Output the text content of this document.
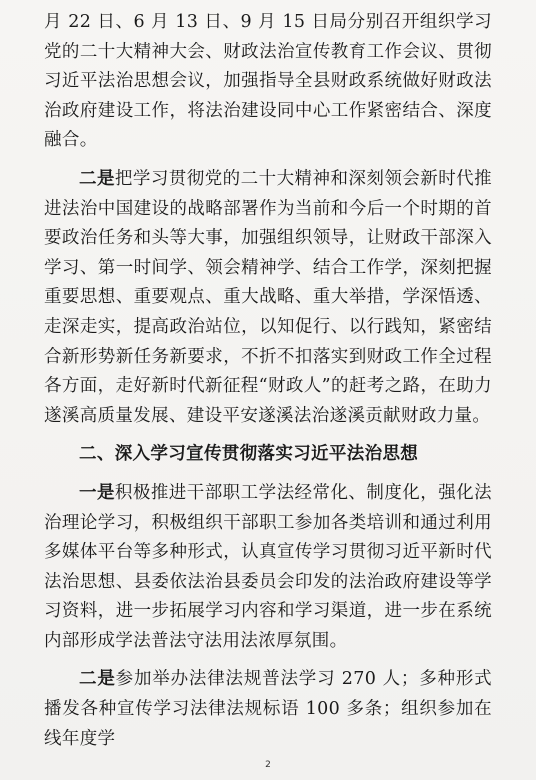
月 22 日、6 月 13 日、9 月 15 日局分别召开组织学习党的二十大精神大会、财政法治宣传教育工作会议、贯彻习近平法治思想会议，加强指导全县财政系统做好财政法治政府建设工作，将法治建设同中心工作紧密结合、深度融合。

二是把学习贯彻党的二十大精神和深刻领会新时代推进法治中国建设的战略部署作为当前和今后一个时期的首要政治任务和头等大事，加强组织领导，让财政干部深入学习、第一时间学、领会精神学、结合工作学，深刻把握重要思想、重要观点、重大战略、重大举措，学深悟透、走深走实，提高政治站位，以知促行、以行践知，紧密结合新形势新任务新要求，不折不扣落实到财政工作全过程各方面，走好新时代新征程“财政人”的赶考之路，在助力遂溪高质量发展、建设平安遂溪法治遂溪贡献财政力量。

二、深入学习宣传贯彻落实习近平法治思想

一是积极推进干部职工学法经常化、制度化，强化法治理论学习，积极组织干部职工参加各类培训和通过利用多媒体平台等多种形式，认真宣传学习贯彻习近平新时代法治思想、县委依法治县委员会印发的法治政府建设等学习资料，进一步拓展学习内容和学习渠道，进一步在系统内部形成学法普法守法用法浓厚氛围。

二是参加举办法律法规普法学习 270 人；多种形式播发各种宣传学习法律法规标语 100 多条；组织参加在线年度学

2
